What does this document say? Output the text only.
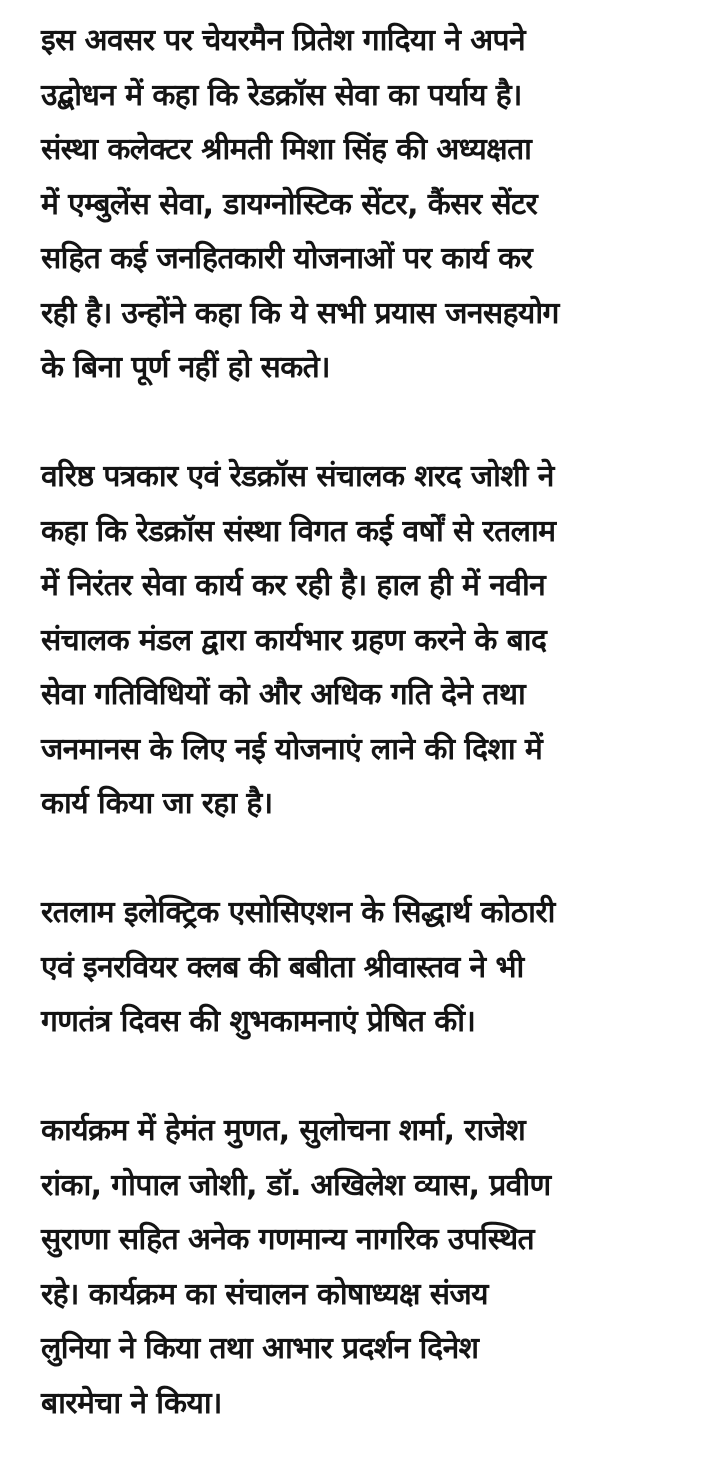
इस अवसर पर चेयरमैन प्रितेश गादिया ने अपने
उद्बोधन में कहा कि रेडक्रॉस सेवा का पर्याय है।
संस्था कलेक्टर श्रीमती मिशा सिंह की अध्यक्षता
में एम्बुलेंस सेवा, डायग्नोस्टिक सेंटर, कैंसर सेंटर
सहित कई जनहितकारी योजनाओं पर कार्य कर
रही है। उन्होंने कहा कि ये सभी प्रयास जनसहयोग
के बिना पूर्ण नहीं हो सकते।

वरिष्ठ पत्रकार एवं रेडक्रॉस संचालक शरद जोशी ने
कहा कि रेडक्रॉस संस्था विगत कई वर्षों से रतलाम
में निरंतर सेवा कार्य कर रही है। हाल ही में नवीन
संचालक मंडल द्वारा कार्यभार ग्रहण करने के बाद
सेवा गतिविधियों को और अधिक गति देने तथा
जनमानस के लिए नई योजनाएं लाने की दिशा में
कार्य किया जा रहा है।

रतलाम इलेक्ट्रिक एसोसिएशन के सिद्धार्थ कोठारी
एवं इनरवियर क्लब की बबीता श्रीवास्तव ने भी
गणतंत्र दिवस की शुभकामनाएं प्रेषित कीं।

कार्यक्रम में हेमंत मुणत, सुलोचना शर्मा, राजेश
रांका, गोपाल जोशी, डॉ. अखिलेश व्यास, प्रवीण
सुराणा सहित अनेक गणमान्य नागरिक उपस्थित
रहे। कार्यक्रम का संचालन कोषाध्यक्ष संजय
लुनिया ने किया तथा आभार प्रदर्शन दिनेश
बारमेचा ने किया।
